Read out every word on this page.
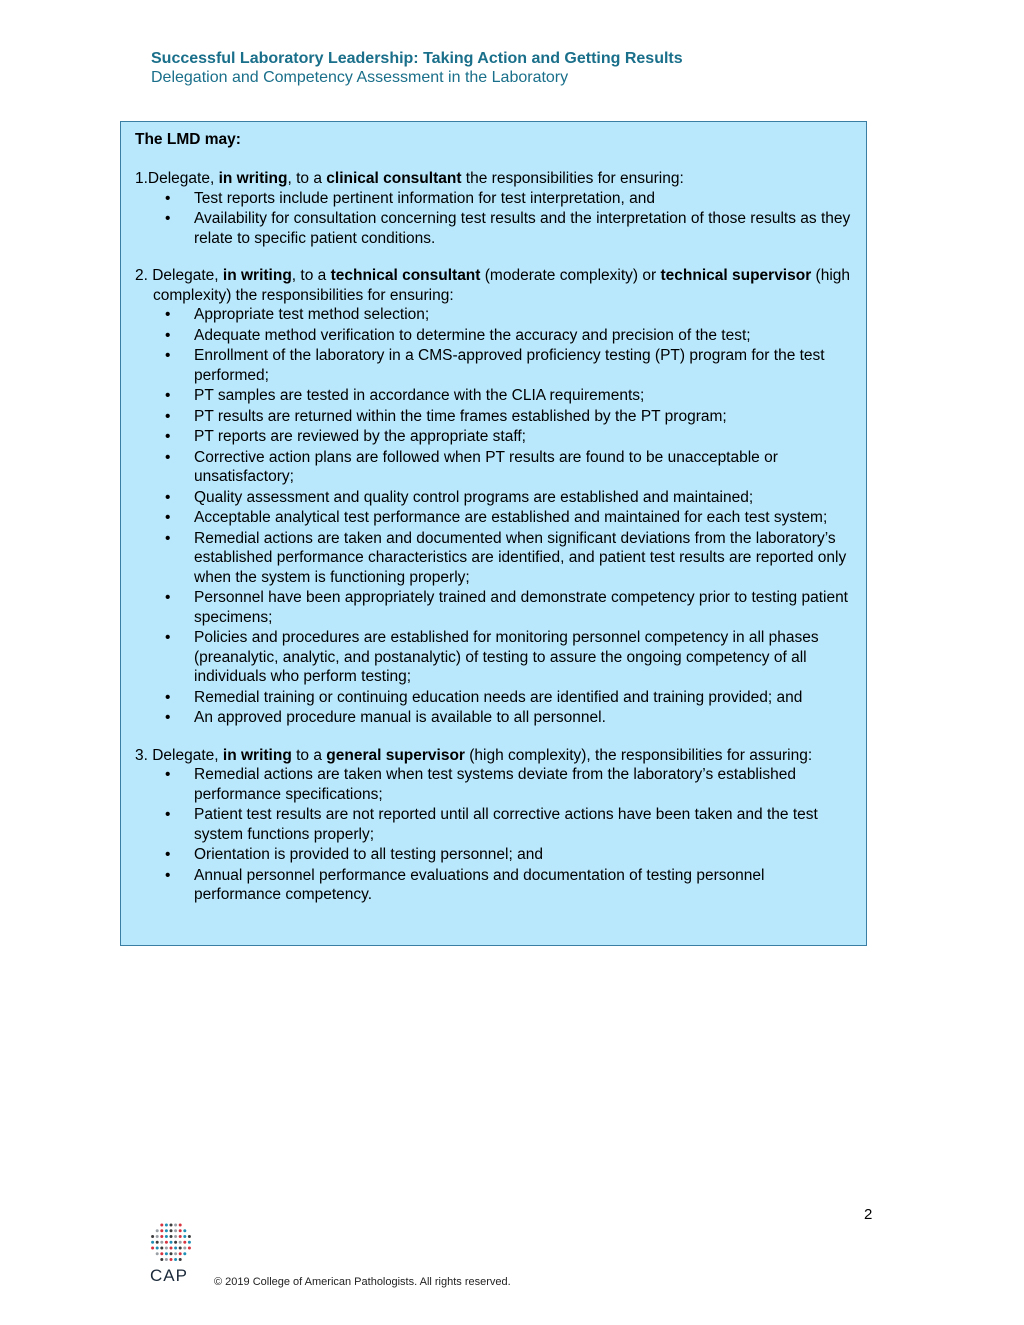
Successful Laboratory Leadership: Taking Action and Getting Results
Delegation and Competency Assessment in the Laboratory
The LMD may:
1.Delegate, in writing, to a clinical consultant the responsibilities for ensuring:
• Test reports include pertinent information for test interpretation, and
• Availability for consultation concerning test results and the interpretation of those results as they relate to specific patient conditions.
2. Delegate, in writing, to a technical consultant (moderate complexity) or technical supervisor (high complexity) the responsibilities for ensuring:
• Appropriate test method selection;
• Adequate method verification to determine the accuracy and precision of the test;
• Enrollment of the laboratory in a CMS-approved proficiency testing (PT) program for the test performed;
• PT samples are tested in accordance with the CLIA requirements;
• PT results are returned within the time frames established by the PT program;
• PT reports are reviewed by the appropriate staff;
• Corrective action plans are followed when PT results are found to be unacceptable or unsatisfactory;
• Quality assessment and quality control programs are established and maintained;
• Acceptable analytical test performance are established and maintained for each test system;
• Remedial actions are taken and documented when significant deviations from the laboratory’s established performance characteristics are identified, and patient test results are reported only when the system is functioning properly;
• Personnel have been appropriately trained and demonstrate competency prior to testing patient specimens;
• Policies and procedures are established for monitoring personnel competency in all phases (preanalytic, analytic, and postanalytic) of testing to assure the ongoing competency of all individuals who perform testing;
• Remedial training or continuing education needs are identified and training provided; and
• An approved procedure manual is available to all personnel.
3. Delegate, in writing to a general supervisor (high complexity), the responsibilities for assuring:
• Remedial actions are taken when test systems deviate from the laboratory’s established performance specifications;
• Patient test results are not reported until all corrective actions have been taken and the test system functions properly;
• Orientation is provided to all testing personnel; and
• Annual personnel performance evaluations and documentation of testing personnel performance competency.
2
CAP © 2019 College of American Pathologists. All rights reserved.
